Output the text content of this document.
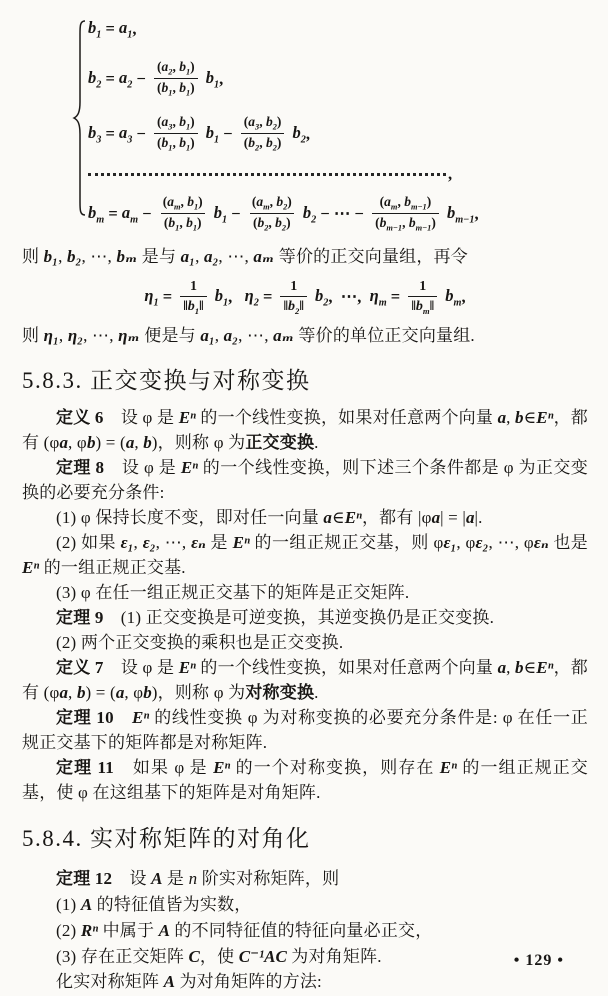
$b_1 = a_1$ ,
$b_2 = a_2 - \frac{(a_2, b_1)}{(b_1, b_1)}$
$b_1$ ,
$b_3 = a_3 - \frac{(a_3, b_1)}{(b_1, b_1)}$
$b_1 - \frac{(a_3, b_2)}{(b_2, b_2)}$
$b_2$ ,
,
$b_m = a_m - \frac{(a_m, b_1)}{(b_1, b_1)}$
$b_1 - \frac{(a_m, b_2)}{(b_2, b_2)}$
$b_2$ − ⋯ − $\frac{(a_m, b_{m-1})}{(b_{m-1}, b_{m-1})}$
$b_{m-1}$ ,

则 b₁, b₂, ⋯, bₘ 是与 a₁, a₂, ⋯, aₘ 等价的正交向量组，再令

$\eta_1 = \frac{1}{‖b_1‖}$
$b_1$ , $\eta_2 = \frac{1}{‖b_2‖}$
$b_2$ ,  ⋯, $\eta_m = \frac{1}{‖b_m‖}$
$b_m$ ,

则 η₁, η₂, ⋯, ηₘ 便是与 a₁, a₂, ⋯, aₘ 等价的单位正交向量组.

5.8.3. 正交变换与对称变换

定义 6　设 φ 是 Eⁿ 的一个线性变换，如果对任意两个向量 a, b∈Eⁿ，都有 (φa, φb) = (a, b)，则称 φ 为正交变换.

定理 8　设 φ 是 Eⁿ 的一个线性变换，则下述三个条件都是 φ 为正交变换的必要充分条件:

(1) φ 保持长度不变，即对任一向量 a∈Eⁿ，都有 |φa| = |a|.

(2) 如果 ε₁, ε₂, ⋯, εₙ 是 Eⁿ 的一组正规正交基，则 φε₁, φε₂, ⋯, φεₙ 也是 Eⁿ 的一组正规正交基.

(3) φ 在任一组正规正交基下的矩阵是正交矩阵.

定理 9　(1) 正交变换是可逆变换，其逆变换仍是正交变换.

(2) 两个正交变换的乘积也是正交变换.

定义 7　设 φ 是 Eⁿ 的一个线性变换，如果对任意两个向量 a, b∈Eⁿ，都有 (φa, b) = (a, φb)，则称 φ 为对称变换.

定理 10　 Eⁿ 的线性变换 φ 为对称变换的必要充分条件是: φ 在任一正规正交基下的矩阵都是对称矩阵.

定理 11　如果 φ 是 Eⁿ 的一个对称变换，则存在 Eⁿ 的一组正规正交基，使 φ 在这组基下的矩阵是对角矩阵.

5.8.4. 实对称矩阵的对角化

定理 12　设 A 是 n 阶实对称矩阵，则

(1) A 的特征值皆为实数，

(2) Rⁿ 中属于 A 的不同特征值的特征向量必正交，

(3) 存在正交矩阵 C，使 C⁻¹AC 为对角矩阵.

化实对称矩阵 A 为对角矩阵的方法:

• 129 •
